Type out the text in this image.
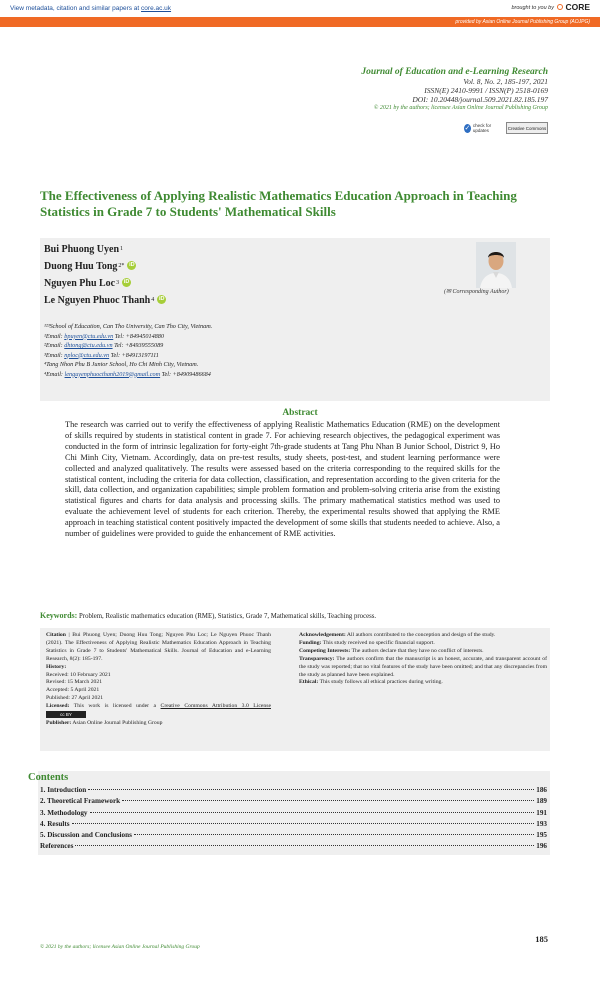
View metadata, citation and similar papers at core.ac.uk	brought to you by	CORE
provided by Asian Online Journal Publishing Group (AOJPG)
Journal of Education and e-Learning Research
Vol. 8, No. 2, 185-197, 2021
ISSN(E) 2410-9991 / ISSN(P) 2518-0169
DOI: 10.20448/journal.509.2021.82.185.197
© 2021 by the authors; licensee Asian Online Journal Publishing Group
✓ check for updates	Creative Commons
The Effectiveness of Applying Realistic Mathematics Education Approach in Teaching Statistics in Grade 7 to Students' Mathematical Skills
Bui Phuong Uyen 1
Duong Huu Tong 2* iD
Nguyen Phu Loc 3 iD
Le Nguyen Phuoc Thanh 4 iD
(✉ Corresponding Author)
¹²³School of Education, Can Tho University, Can Tho City, Vietnam.
¹Email: bpuyen@ctu.edu.vn Tel: +84945014880
²Email: dhtong@ctu.edu.vn Tel: +84939555089
³Email: nploc@ctu.edu.vn Tel: +84913197111
⁴Tang Nhon Phu B Junior School, Ho Chi Minh City, Vietnam.
⁴Email: lenguyenphuocthanh2019@gmail.com Tel: +84909486684
Abstract
The research was carried out to verify the effectiveness of applying Realistic Mathematics Education (RME) on the development of skills required by students in statistical content in grade 7. For achieving research objectives, the pedagogical experiment was conducted in the form of intrinsic legalization for forty-eight 7th-grade students at Tang Phu Nhan B Junior School, District 9, Ho Chi Minh City, Vietnam. Accordingly, data on pre-test results, study sheets, post-test, and student learning performance were collected and analyzed qualitatively. The results were assessed based on the criteria corresponding to the required skills for the statistical content, including the criteria for data collection, classification, and representation according to the given criteria for the skill, data collection, and organization capabilities; simple problem formation and problem-solving criteria arise from the existing statistical figures and charts for data analysis and processing skills. The primary mathematical statistics method was used to evaluate the achievement level of students for each criterion. Thereby, the experimental results showed that applying the RME approach in teaching statistical content positively impacted the development of some skills that students needed to achieve. Also, a number of guidelines were provided to guide the enhancement of RME activities.
Keywords: Problem, Realistic mathematics education (RME), Statistics, Grade 7, Mathematical skills, Teaching process.
Citation | Bui Phuong Uyen; Duong Huu Tong; Nguyen Phu Loc; Le Nguyen Phuoc Thanh (2021). The Effectiveness of Applying Realistic Mathematics Education Approach in Teaching Statistics in Grade 7 to Students' Mathematical Skills. Journal of Education and e-Learning Research, 8(2): 185-197.
History:
Received: 10 February 2021
Revised: 15 March 2021
Accepted: 5 April 2021
Published: 27 April 2021
Licensed: This work is licensed under a Creative Commons Attribution 3.0 License cc BY
Publisher: Asian Online Journal Publishing Group
Acknowledgement: All authors contributed to the conception and design of the study.
Funding: This study received no specific financial support.
Competing Interests: The authors declare that they have no conflict of interests.
Transparency: The authors confirm that the manuscript is an honest, accurate, and transparent account of the study was reported; that no vital features of the study have been omitted; and that any discrepancies from the study as planned have been explained.
Ethical: This study follows all ethical practices during writing.
Contents
1. Introduction	186
2. Theoretical Framework	189
3. Methodology	191
4. Results	193
5. Discussion and Conclusions	195
References	196
185
© 2021 by the authors; licensee Asian Online Journal Publishing Group
